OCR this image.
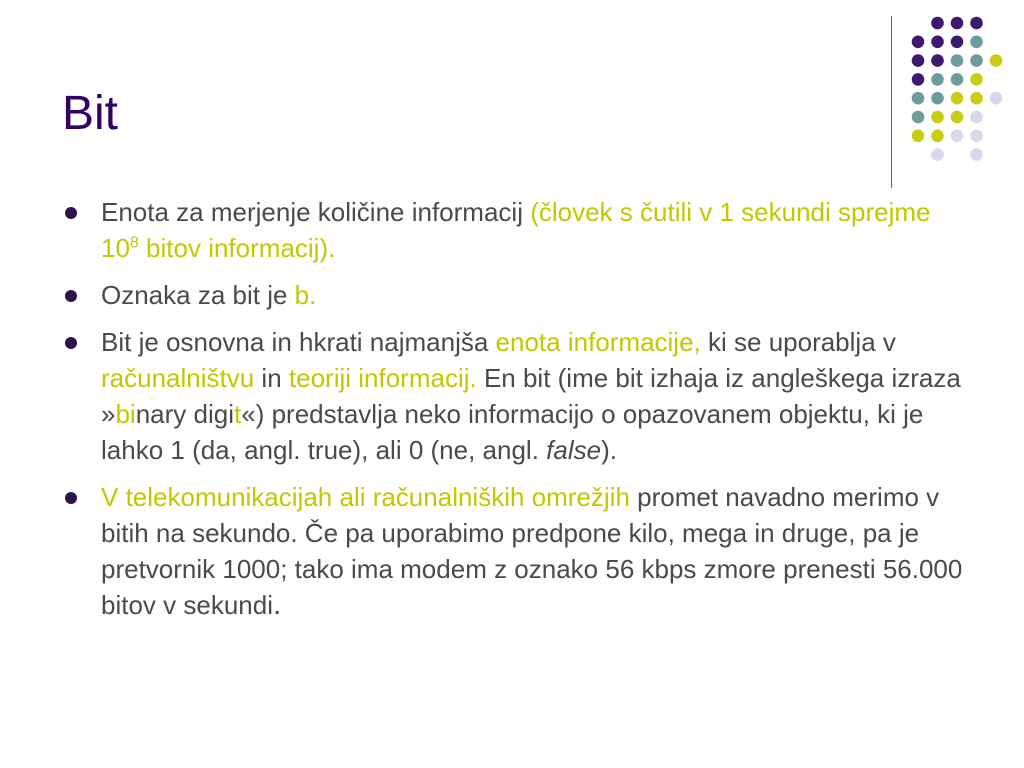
Bit
Enota za merjenje količine informacij (človek s čutili v 1 sekundi sprejme $10^8$ bitov informacij).
Oznaka za bit je b.
Bit je osnovna in hkrati najmanjša enota informacije, ki se uporablja v računalništvu in teoriji informacij. En bit (ime bit izhaja iz angleškega izraza »binary digit«) predstavlja neko informacijo o opazovanem objektu, ki je lahko 1 (da, angl. true), ali 0 (ne, angl. false).
V telekomunikacijah ali računalniških omrežjih promet navadno merimo v bitih na sekundo. Če pa uporabimo predpone kilo, mega in druge, pa je pretvornik 1000; tako ima modem z oznako 56 kbps zmore prenesti 56.000 bitov v sekundi.
